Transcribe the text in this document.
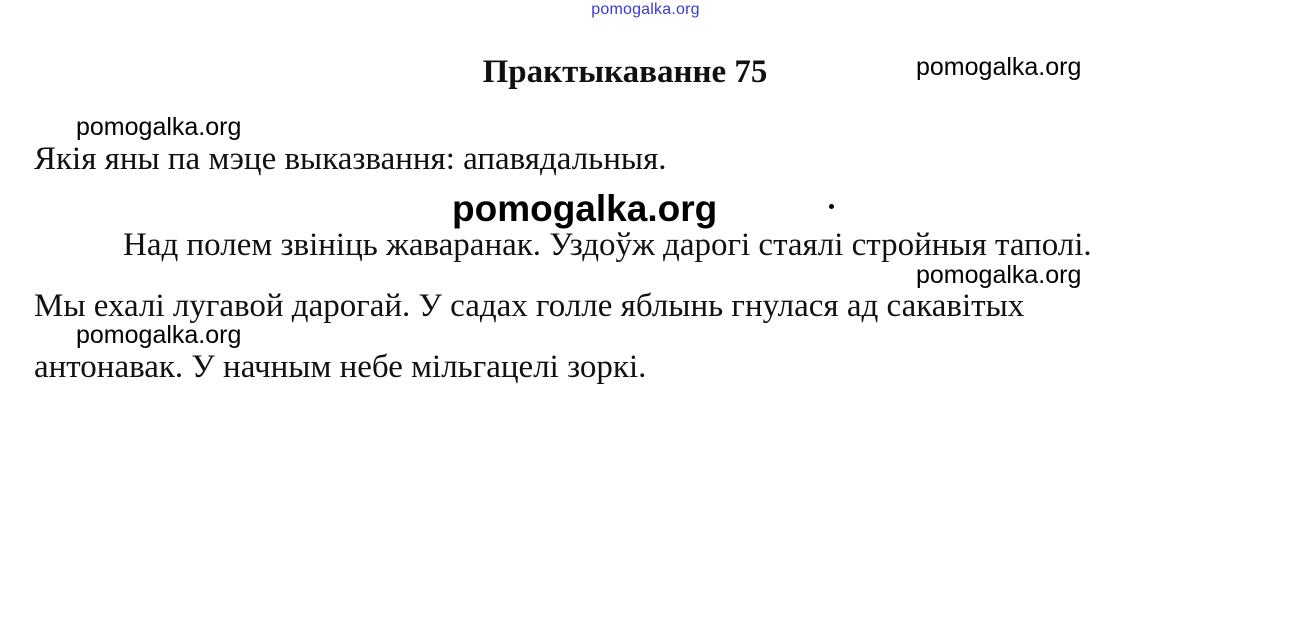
pomogalka.org
Практыкаванне 75	pomogalka.org
pomogalka.org
Якія яны па мэце выказвання: апавядальныя.
pomogalka.org
Над полем звініць жаваранак. Уздоўж дарогі стаялі стройныя таполі.
pomogalka.org
Мы ехалі лугавой дарогай. У садах голле яблынь гнулася ад сакавітых
pomogalka.org
антонавак. У начным небе мільгацелі зоркі.
